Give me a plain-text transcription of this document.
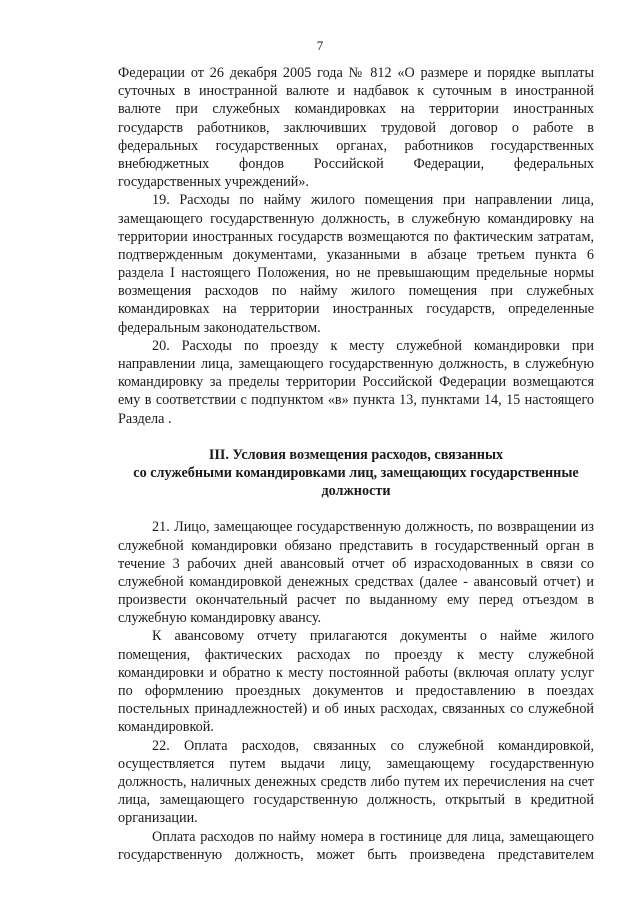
7
Федерации от 26 декабря 2005 года № 812 «О размере и порядке выплаты
суточных в иностранной валюте и надбавок к суточным в иностранной
валюте при служебных командировках на территории иностранных
государств работников, заключивших трудовой договор о работе в
федеральных государственных органах, работников государственных
внебюджетных фондов Российской Федерации, федеральных
государственных учреждений».
19. Расходы по найму жилого помещения при направлении лица,
замещающего государственную должность, в служебную командировку на
территории иностранных государств возмещаются по фактическим затратам,
подтвержденным документами, указанными в абзаце третьем пункта 6
раздела I настоящего Положения, но не превышающим предельные нормы
возмещения расходов по найму жилого помещения при служебных
командировках на территории иностранных государств, определенные
федеральным законодательством.
20. Расходы по проезду к месту служебной командировки при
направлении лица, замещающего государственную должность, в служебную
командировку за пределы территории Российской Федерации возмещаются
ему в соответствии с подпунктом «в» пункта 13, пунктами 14, 15 настоящего
Раздела .
III. Условия возмещения расходов, связанных
со служебными командировками лиц, замещающих государственные
должности
21. Лицо, замещающее государственную должность, по возвращении из
служебной командировки обязано представить в государственный орган в
течение 3 рабочих дней авансовый отчет об израсходованных в связи со
служебной командировкой денежных средствах (далее - авансовый отчет) и
произвести окончательный расчет по выданному ему перед отъездом в
служебную командировку авансу.
К авансовому отчету прилагаются документы о найме жилого
помещения, фактических расходах по проезду к месту служебной
командировки и обратно к месту постоянной работы (включая оплату услуг
по оформлению проездных документов и предоставлению в поездах
постельных принадлежностей) и об иных расходах, связанных со служебной
командировкой.
22. Оплата расходов, связанных со служебной командировкой,
осуществляется путем выдачи лицу, замещающему государственную
должность, наличных денежных средств либо путем их перечисления на счет
лица, замещающего государственную должность, открытый в кредитной
организации.
Оплата расходов по найму номера в гостинице для лица, замещающего
государственную должность, может быть произведена представителем
